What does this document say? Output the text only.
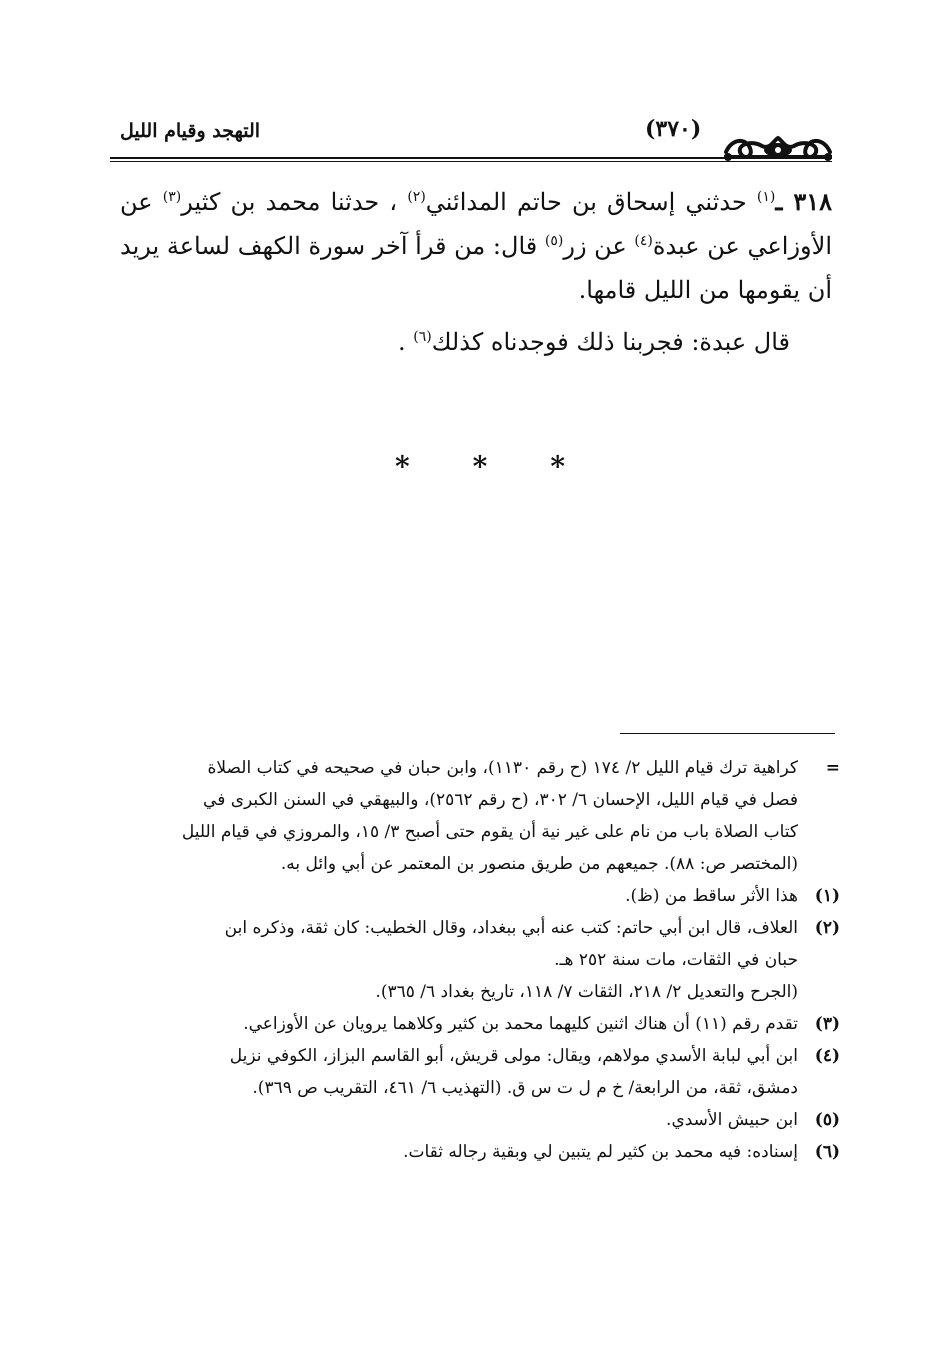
التهجد وقيام الليل	(٣٧٠)

٣١٨ ـ$^{(١)}$ حدثني إسحاق بن حاتم المدائني$^{(٢)}$ ، حدثنا محمد بن كثير$^{(٣)}$ عن الأوزاعي عن عبدة$^{(٤)}$ عن زر$^{(٥)}$ قال: من قرأ آخر سورة الكهف لساعة يريد أن يقومها من الليل قامها.

قال عبدة: فجربنا ذلك فوجدناه كذلك$^{(٦)}$ .

* * *
=
كراهية ترك قيام الليل ٢/ ١٧٤ (ح رقم ١١٣٠)، وابن حبان في صحيحه في كتاب الصلاة
فصل في قيام الليل، الإحسان ٦/ ٣٠٢، (ح رقم ٢٥٦٢)، والبيهقي في السنن الكبرى في
كتاب الصلاة باب من نام على غير نية أن يقوم حتى أصبح ٣/ ١٥، والمروزي في قيام الليل
(المختصر ص: ٨٨). جميعهم من طريق منصور بن المعتمر عن أبي وائل به.
(١)
هذا الأثر ساقط من (ظ).
(٢)
العلاف، قال ابن أبي حاتم: كتب عنه أبي ببغداد، وقال الخطيب: كان ثقة، وذكره ابن
حبان في الثقات، مات سنة ٢٥٢ هـ.
(الجرح والتعديل ٢/ ٢١٨، الثقات ٧/ ١١٨، تاريخ بغداد ٦/ ٣٦٥).
(٣)
تقدم رقم (١١) أن هناك اثنين كليهما محمد بن كثير وكلاهما يرويان عن الأوزاعي.
(٤)
ابن أبي لبابة الأسدي مولاهم، ويقال: مولى قريش، أبو القاسم البزاز، الكوفي نزيل
دمشق، ثقة، من الرابعة/ خ م ل ت س ق. (التهذيب ٦/ ٤٦١، التقريب ص ٣٦٩).
(٥)
ابن حبيش الأسدي.
(٦)
إسناده: فيه محمد بن كثير لم يتبين لي وبقية رجاله ثقات.
